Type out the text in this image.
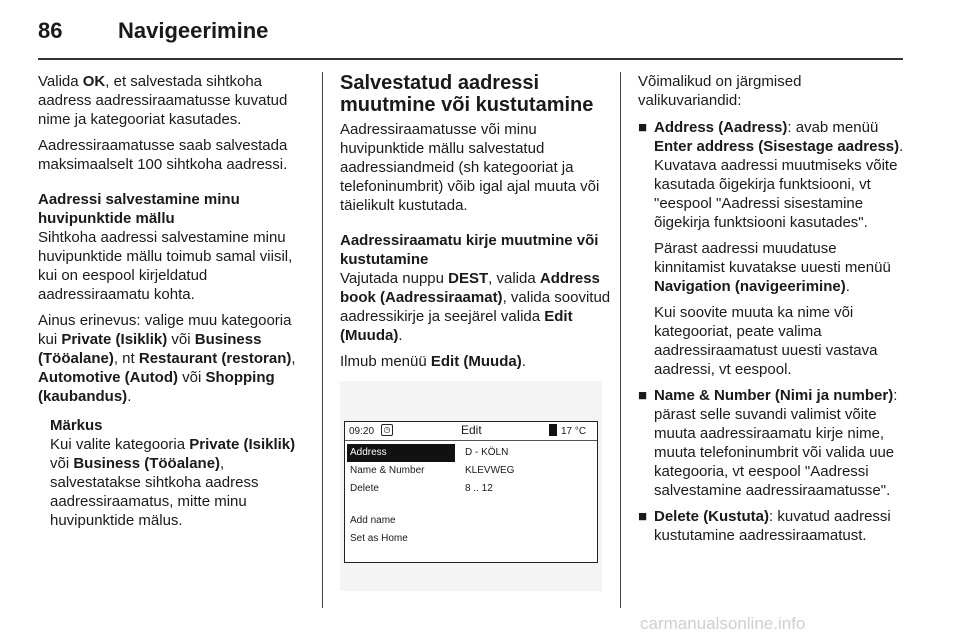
86	Navigeerimine

Valida OK, et salvestada sihtkoha aadress aadressiraamatusse kuvatud nime ja kategooriat kasutades.

Aadressiraamatusse saab salvestada maksimaalselt 100 sihtkoha aadressi.

Aadressi salvestamine minu huvipunktide mällu

Sihtkoha aadressi salvestamine minu huvipunktide mällu toimub samal viisil, kui on eespool kirjeldatud aadressiraamatu kohta.

Ainus erinevus: valige muu kategooria kui Private (Isiklik) või Business (Tööalane), nt Restaurant (restoran), Automotive (Autod) või Shopping (kaubandus).

Märkus
Kui valite kategooria Private (Isiklik) või Business (Tööalane), salvestatakse sihtkoha aadress aadressiraamatus, mitte minu huvipunktide mälus.
Salvestatud aadressi muutmine või kustutamine

Aadressiraamatusse või minu huvipunktide mällu salvestatud aadressiandmeid (sh kategooriat ja telefoninumbrit) võib igal ajal muuta või täielikult kustutada.

Aadressiraamatu kirje muutmine või kustutamine

Vajutada nuppu DEST, valida Address book (Aadressiraamat), valida soovitud aadressikirje ja seejärel valida Edit (Muuda).

Ilmub menüü Edit (Muuda).

09:20	◷	Edit	17 °C
Address
Name & Number
Delete
Add name
Set as Home
D - KÖLN
KLEVWEG
8 .. 12

Võimalikud on järgmised valikuvariandid:

■ Address (Aadress): avab menüü Enter address (Sisestage aadress). Kuvatava aadressi muutmiseks võite kasutada õigekirja funktsiooni, vt "eespool "Aadressi sisestamine õigekirja funktsiooni kasutades".

Pärast aadressi muudatuse kinnitamist kuvatakse uuesti menüü Navigation (navigeerimine).

Kui soovite muuta ka nime või kategooriat, peate valima aadressiraamatust uuesti vastava aadressi, vt eespool.

■ Name & Number (Nimi ja number): pärast selle suvandi valimist võite muuta aadressiraamatu kirje nime, muuta telefoninumbrit või valida uue kategooria, vt eespool "Aadressi salvestamine aadressiraamatusse".
■ Delete (Kustuta): kuvatud aadressi kustutamine aadressiraamatust.
carmanualsonline.info
